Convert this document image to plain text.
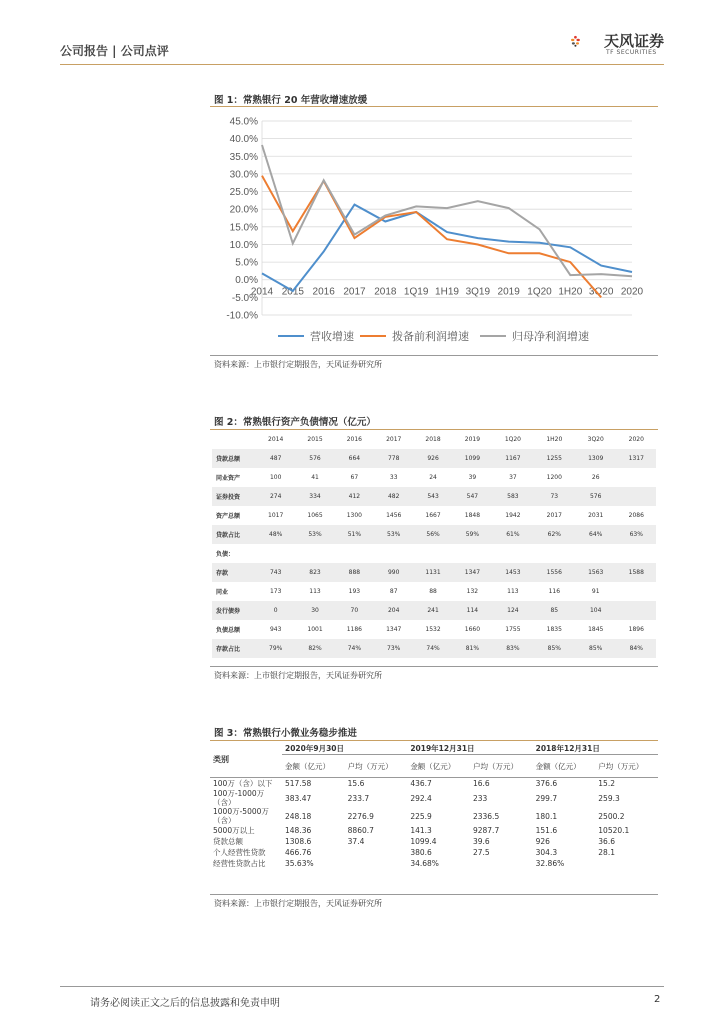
公司报告 | 公司点评
天风证券
TF SECURITIES
图 1：常熟银行 20 年营收增速放缓
-10.0%
-5.0%
0.0%
5.0%
10.0%
15.0%
20.0%
25.0%
30.0%
35.0%
40.0%
45.0%
2014 2015 2016 2017 2018 1Q19 1H19 3Q19 2019 1Q20 1H20 3Q20 2020
营收增速	拨备前利润增速	归母净利润增速
资料来源：上市银行定期报告，天风证券研究所
图 2：常熟银行资产负债情况（亿元）
	2014	2015	2016	2017	2018	2019	1Q20	1H20	3Q20	2020
贷款总额	487	576	664	778	926	1099	1167	1255	1309	1317
同业资产	100	41	67	33	24	39	37	1200	26	
证券投资	274	334	412	482	543	547	583	73	576	
资产总额	1017	1065	1300	1456	1667	1848	1942	2017	2031	2086
贷款占比	48%	53%	51%	53%	56%	59%	61%	62%	64%	63%
负债：										
存款	743	823	888	990	1131	1347	1453	1556	1563	1588
同业	173	113	193	87	88	132	113	116	91	
发行债券	0	30	70	204	241	114	124	85	104	
负债总额	943	1001	1186	1347	1532	1660	1755	1835	1845	1896
存款占比	79%	82%	74%	73%	74%	81%	83%	85%	85%	84%
资料来源：上市银行定期报告，天风证券研究所
图 3：常熟银行小微业务稳步推进
类别	2020年9月30日		2019年12月31日		2018年12月31日	
	金额（亿元）	户均（万元）	金额（亿元）	户均（万元）	金额（亿元）	户均（万元）
100万（含）以下	517.58	15.6	436.7	16.6	376.6	15.2
100万-1000万（含）	383.47	233.7	292.4	233	299.7	259.3
1000万-5000万（含）	248.18	2276.9	225.9	2336.5	180.1	2500.2
5000万以上	148.36	8860.7	141.3	9287.7	151.6	10520.1
贷款总额	1308.6	37.4	1099.4	39.6	926	36.6
个人经营性贷款	466.76		380.6	27.5	304.3	28.1
经营性贷款占比	35.63%		34.68%		32.86%	
资料来源：上市银行定期报告，天风证券研究所
请务必阅读正文之后的信息披露和免责申明	2
